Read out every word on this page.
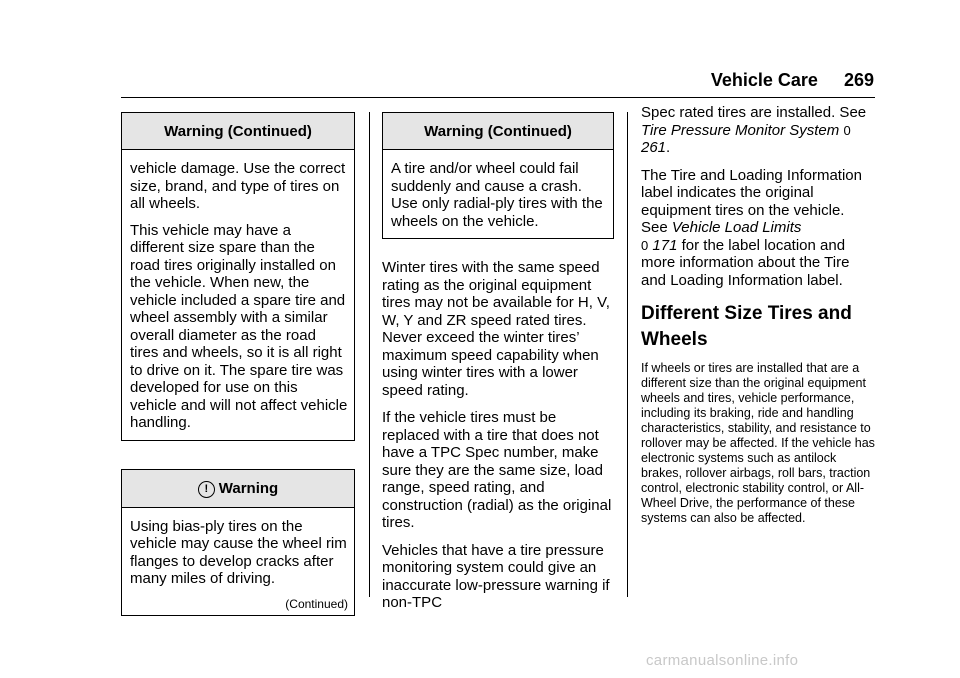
Vehicle Care 269
Warning (Continued)

vehicle damage. Use the correct size, brand, and type of tires on all wheels.

This vehicle may have a different size spare than the road tires originally installed on the vehicle. When new, the vehicle included a spare tire and wheel assembly with a similar overall diameter as the road tires and wheels, so it is all right to drive on it. The spare tire was developed for use on this vehicle and will not affect vehicle handling.

! Warning

Using bias-ply tires on the vehicle may cause the wheel rim flanges to develop cracks after many miles of driving.

(Continued)
Warning (Continued)

A tire and/or wheel could fail suddenly and cause a crash. Use only radial-ply tires with the wheels on the vehicle.

Winter tires with the same speed rating as the original equipment tires may not be available for H, V, W, Y and ZR speed rated tires. Never exceed the winter tires’ maximum speed capability when using winter tires with a lower speed rating.

If the vehicle tires must be replaced with a tire that does not have a TPC Spec number, make sure they are the same size, load range, speed rating, and construction (radial) as the original tires.

Vehicles that have a tire pressure monitoring system could give an inaccurate low-pressure warning if non-TPC

Spec rated tires are installed. See Tire Pressure Monitor System 0 261.

The Tire and Loading Information label indicates the original equipment tires on the vehicle. See Vehicle Load Limits
0 171 for the label location and more information about the Tire and Loading Information label.

Different Size Tires and Wheels

If wheels or tires are installed that are a different size than the original equipment wheels and tires, vehicle performance, including its braking, ride and handling characteristics, stability, and resistance to rollover may be affected. If the vehicle has electronic systems such as antilock brakes, rollover airbags, roll bars, traction control, electronic stability control, or All-Wheel Drive, the performance of these systems can also be affected.

carmanualsonline.info
